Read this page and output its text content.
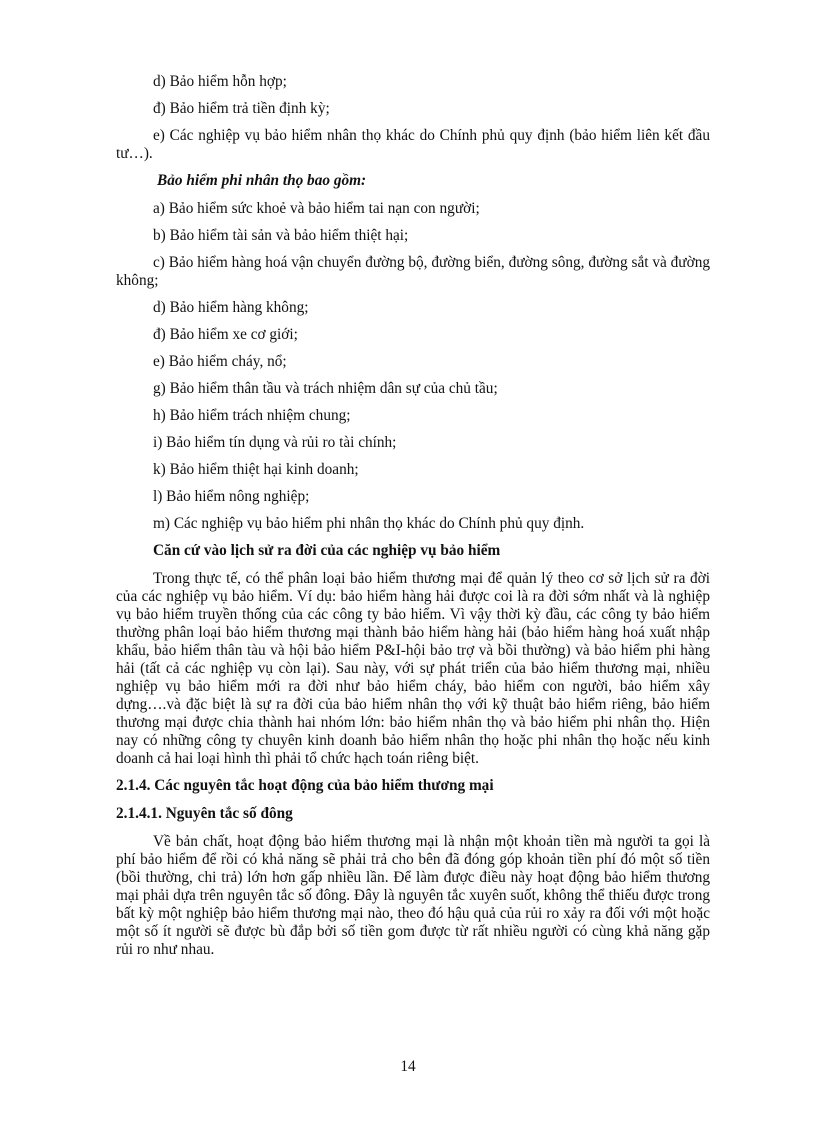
d) Bảo hiểm hỗn hợp;

đ) Bảo hiểm trả tiền định kỳ;

e) Các nghiệp vụ bảo hiểm nhân thọ khác do Chính phủ quy định (bảo hiểm liên kết đầu tư…).

Bảo hiểm phi nhân thọ bao gồm:

a) Bảo hiểm sức khoẻ và bảo hiểm tai nạn con người;

b) Bảo hiểm tài sản và bảo hiểm thiệt hại;

c) Bảo hiểm hàng hoá vận chuyển đường bộ, đường biển, đường sông, đường sắt và đường không;

d) Bảo hiểm hàng không;

đ) Bảo hiểm xe cơ giới;

e) Bảo hiểm cháy, nổ;

g) Bảo hiểm thân tầu và trách nhiệm dân sự của chủ tầu;

h) Bảo hiểm trách nhiệm chung;

i) Bảo hiểm tín dụng và rủi ro tài chính;

k) Bảo hiểm thiệt hại kinh doanh;

l) Bảo hiểm nông nghiệp;

m) Các nghiệp vụ bảo hiểm phi nhân thọ khác do Chính phủ quy định.

Căn cứ vào lịch sử ra đời của các nghiệp vụ bảo hiểm

Trong thực tế, có thể phân loại bảo hiểm thương mại để quản lý theo cơ sở lịch sử ra đời của các nghiệp vụ bảo hiểm. Ví dụ: bảo hiểm hàng hải được coi là ra đời sớm nhất và là nghiệp vụ bảo hiểm truyền thống của các công ty bảo hiểm. Vì vậy thời kỳ đầu, các công ty bảo hiểm thường phân loại bảo hiểm thương mại thành bảo hiểm hàng hải (bảo hiểm hàng hoá xuất nhập khẩu, bảo hiểm thân tàu và hội bảo hiểm P&I-hội bảo trợ và bồi thường) và bảo hiểm phi hàng hải (tất cả các nghiệp vụ còn lại). Sau này, với sự phát triển của bảo hiểm thương mại, nhiều nghiệp vụ bảo hiểm mới ra đời như bảo hiểm cháy, bảo hiểm con người, bảo hiểm xây dựng….và đặc biệt là sự ra đời của bảo hiểm nhân thọ với kỹ thuật bảo hiểm riêng, bảo hiểm thương mại được chia thành hai nhóm lớn: bảo hiểm nhân thọ và bảo hiểm phi nhân thọ. Hiện nay có những công ty chuyên kinh doanh bảo hiểm nhân thọ hoặc phi nhân thọ hoặc nếu kinh doanh cả hai loại hình thì phải tổ chức hạch toán riêng biệt.

2.1.4. Các nguyên tắc hoạt động của bảo hiểm thương mại

2.1.4.1. Nguyên tắc số đông

Về bản chất, hoạt động bảo hiểm thương mại là nhận một khoản tiền mà người ta gọi là phí bảo hiểm để rồi có khả năng sẽ phải trả cho bên đã đóng góp khoản tiền phí đó một số tiền (bồi thường, chi trả) lớn hơn gấp nhiều lần. Để làm được điều này hoạt động bảo hiểm thương mại phải dựa trên nguyên tắc số đông. Đây là nguyên tắc xuyên suốt, không thể thiếu được trong bất kỳ một nghiệp bảo hiểm thương mại nào, theo đó hậu quả của rủi ro xảy ra đối với một hoặc một số ít người sẽ được bù đắp bởi số tiền gom được từ rất nhiều người có cùng khả năng gặp rủi ro như nhau.

14
